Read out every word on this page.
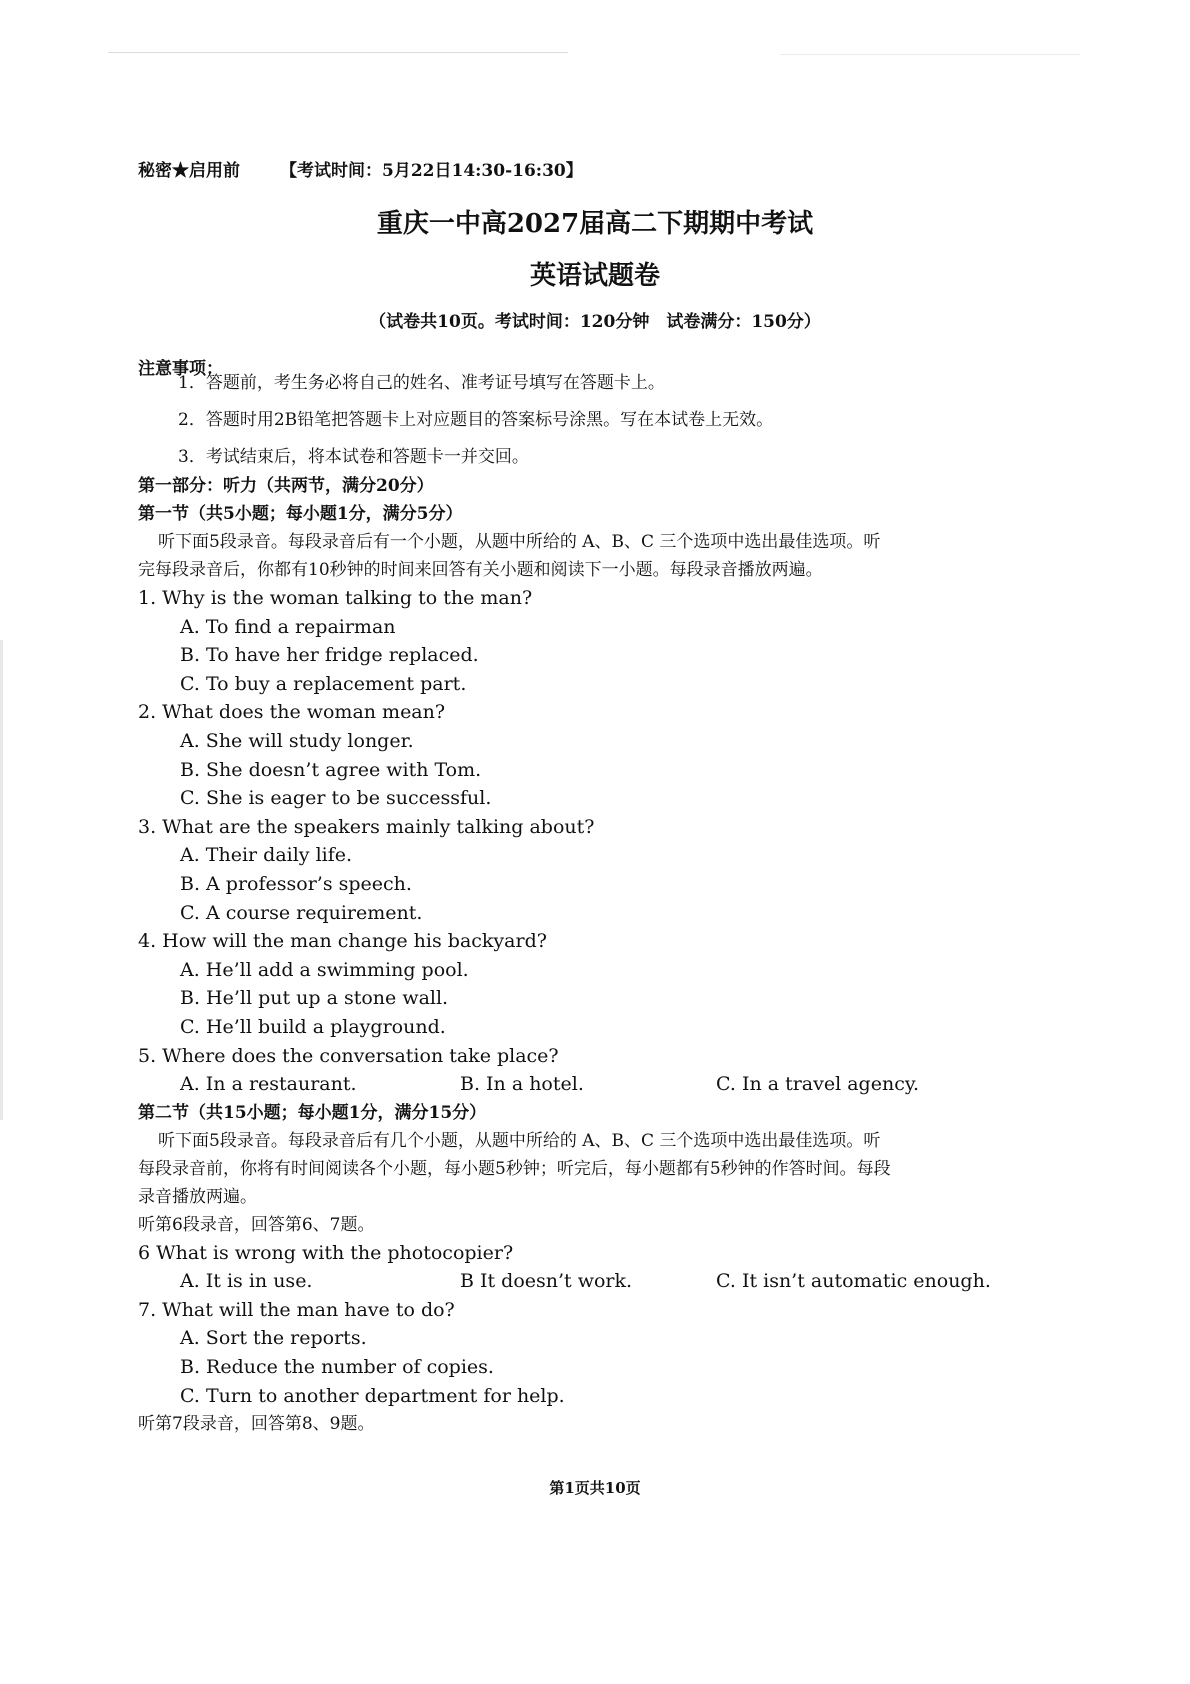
秘密★启用前 【考试时间：5月22日14:30-16:30】
重庆一中高2027届高二下期期中考试
英语试题卷
（试卷共10页。考试时间：120分钟　试卷满分：150分）
注意事项：
1．答题前，考生务必将自己的姓名、准考证号填写在答题卡上。
2．答题时用2B铅笔把答题卡上对应题目的答案标号涂黑。写在本试卷上无效。
3．考试结束后，将本试卷和答题卡一并交回。
第一部分：听力（共两节，满分20分）
第一节（共5小题；每小题1分，满分5分）
听下面5段录音。每段录音后有一个小题，从题中所给的 A、B、C 三个选项中选出最佳选项。听
完每段录音后，你都有10秒钟的时间来回答有关小题和阅读下一小题。每段录音播放两遍。
1. Why is the woman talking to the man?
A. To find a repairman
B. To have her fridge replaced.
C. To buy a replacement part.
2. What does the woman mean?
A. She will study longer.
B. She doesn’t agree with Tom.
C. She is eager to be successful.
3. What are the speakers mainly talking about?
A. Their daily life.
B. A professor’s speech.
C. A course requirement.
4. How will the man change his backyard?
A. He’ll add a swimming pool.
B. He’ll put up a stone wall.
C. He’ll build a playground.
5. Where does the conversation take place?
A. In a restaurant.	B. In a hotel.	C. In a travel agency.
第二节（共15小题；每小题1分，满分15分）
听下面5段录音。每段录音后有几个小题，从题中所给的 A、B、C 三个选项中选出最佳选项。听
每段录音前，你将有时间阅读各个小题，每小题5秒钟；听完后，每小题都有5秒钟的作答时间。每段
录音播放两遍。
听第6段录音，回答第6、7题。
6 What is wrong with the photocopier?
A. It is in use.	B It doesn’t work.	C. It isn’t automatic enough.
7. What will the man have to do?
A. Sort the reports.
B. Reduce the number of copies.
C. Turn to another department for help.
听第7段录音，回答第8、9题。
第1页共10页
